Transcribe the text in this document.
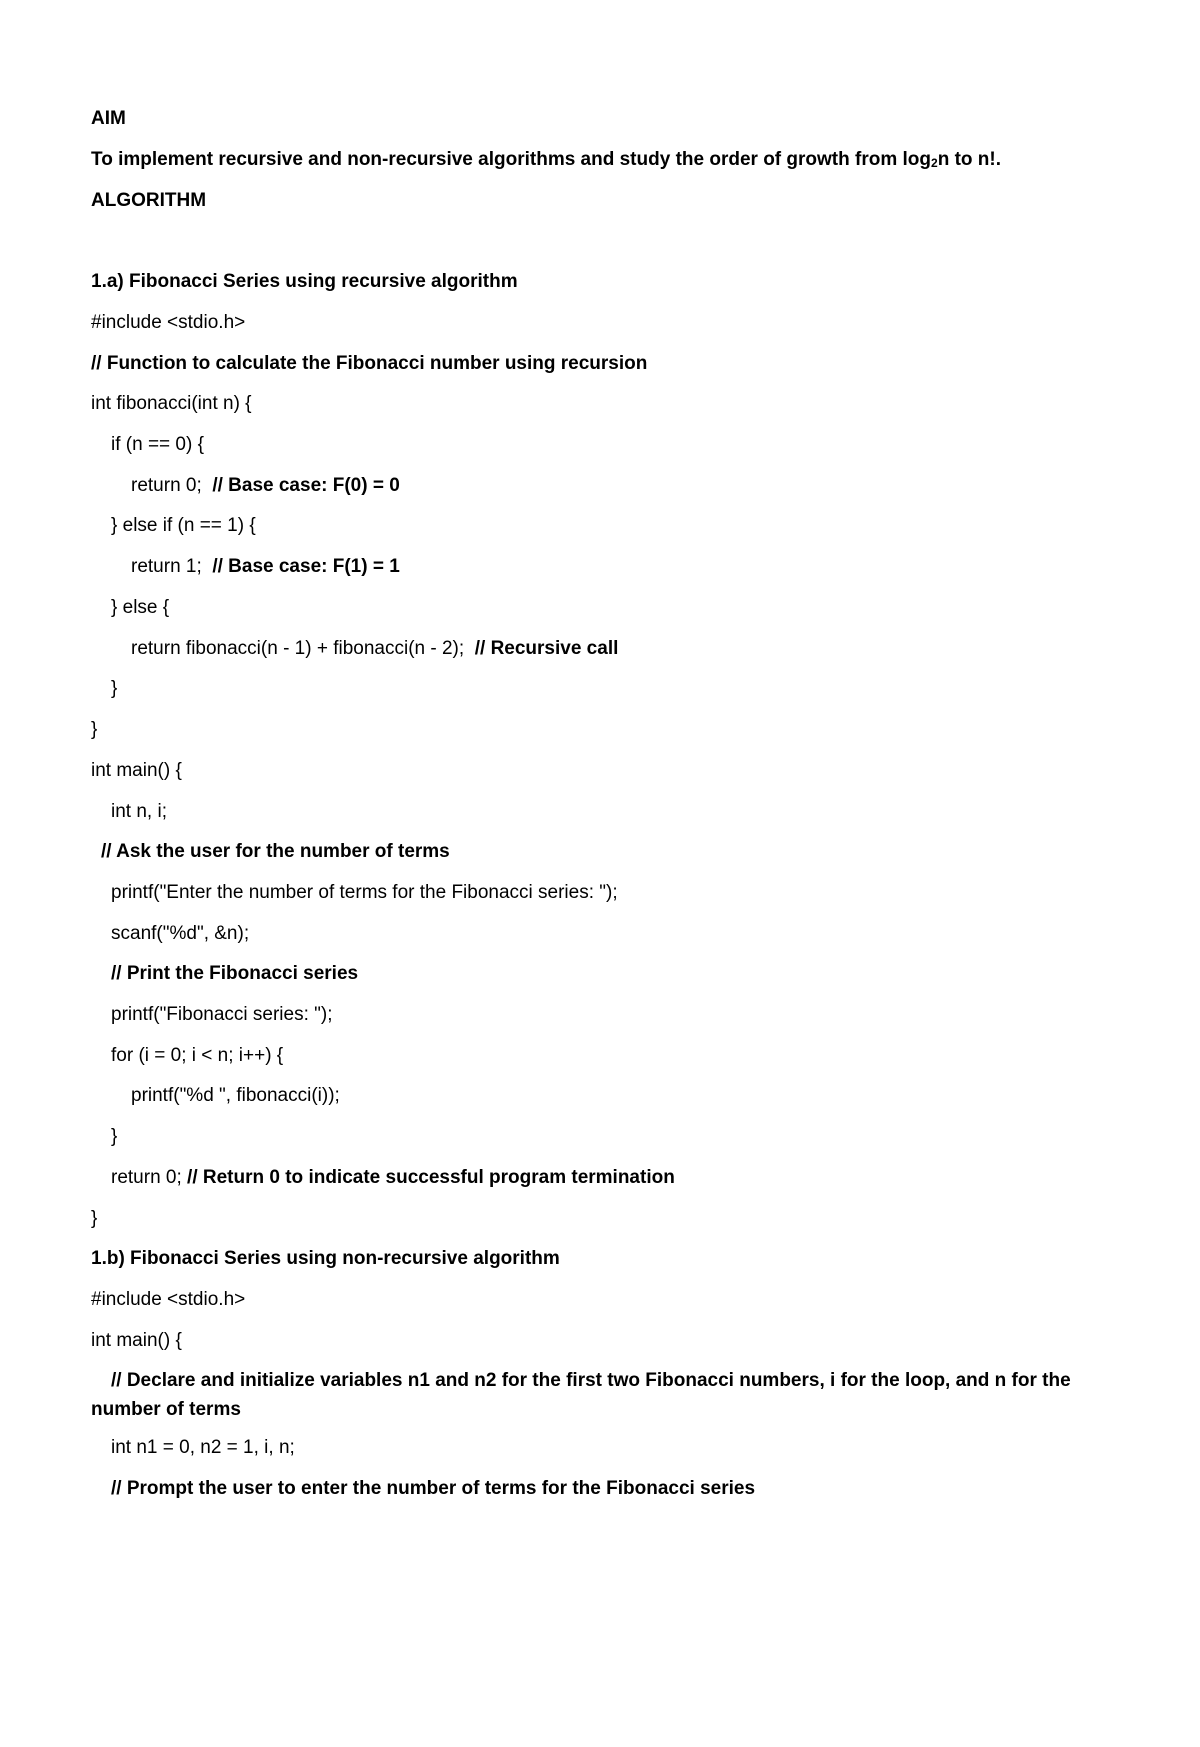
AIM
To implement recursive and non-recursive algorithms and study the order of growth from log2n to n!.
ALGORITHM
1.a) Fibonacci Series using recursive algorithm
#include <stdio.h>
// Function to calculate the Fibonacci number using recursion
int fibonacci(int n) {
if (n == 0) {
return 0;  // Base case: F(0) = 0
} else if (n == 1) {
return 1;  // Base case: F(1) = 1
} else {
return fibonacci(n - 1) + fibonacci(n - 2);  // Recursive call
}
}
int main() {
int n, i;
// Ask the user for the number of terms
printf("Enter the number of terms for the Fibonacci series: ");
scanf("%d", &n);
// Print the Fibonacci series
printf("Fibonacci series: ");
for (i = 0; i < n; i++) {
printf("%d ", fibonacci(i));
}
return 0; // Return 0 to indicate successful program termination
}
1.b) Fibonacci Series using non-recursive algorithm
#include <stdio.h>
int main() {
// Declare and initialize variables n1 and n2 for the first two Fibonacci numbers, i for the loop, and n for the number of terms
int n1 = 0, n2 = 1, i, n;
// Prompt the user to enter the number of terms for the Fibonacci series
